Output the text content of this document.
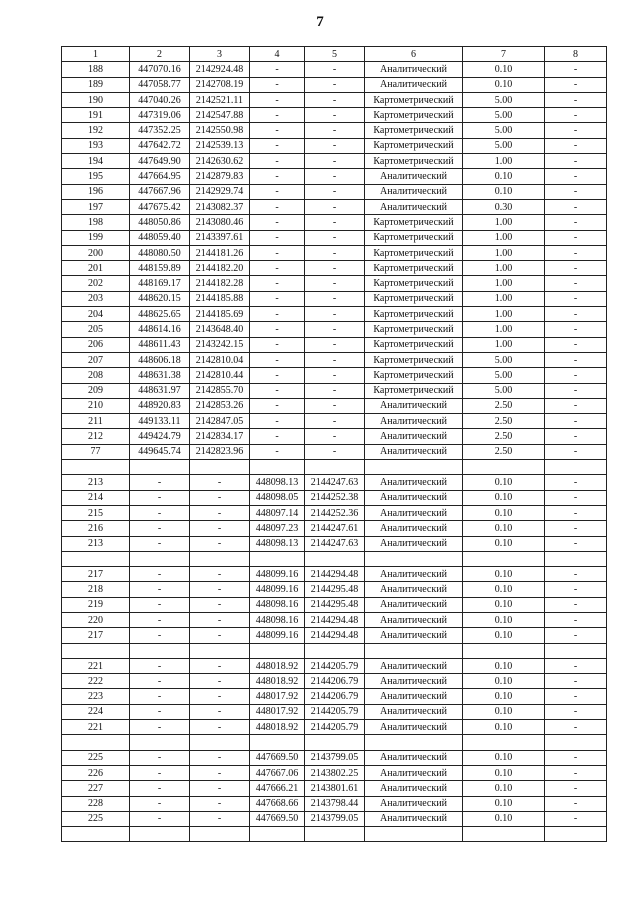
7
1	2	3	4	5	6	7	8
188	447070.16	2142924.48	-	-	Аналитический	0.10	-
189	447058.77	2142708.19	-	-	Аналитический	0.10	-
190	447040.26	2142521.11	-	-	Картометрический	5.00	-
191	447319.06	2142547.88	-	-	Картометрический	5.00	-
192	447352.25	2142550.98	-	-	Картометрический	5.00	-
193	447642.72	2142539.13	-	-	Картометрический	5.00	-
194	447649.90	2142630.62	-	-	Картометрический	1.00	-
195	447664.95	2142879.83	-	-	Аналитический	0.10	-
196	447667.96	2142929.74	-	-	Аналитический	0.10	-
197	447675.42	2143082.37	-	-	Аналитический	0.30	-
198	448050.86	2143080.46	-	-	Картометрический	1.00	-
199	448059.40	2143397.61	-	-	Картометрический	1.00	-
200	448080.50	2144181.26	-	-	Картометрический	1.00	-
201	448159.89	2144182.20	-	-	Картометрический	1.00	-
202	448169.17	2144182.28	-	-	Картометрический	1.00	-
203	448620.15	2144185.88	-	-	Картометрический	1.00	-
204	448625.65	2144185.69	-	-	Картометрический	1.00	-
205	448614.16	2143648.40	-	-	Картометрический	1.00	-
206	448611.43	2143242.15	-	-	Картометрический	1.00	-
207	448606.18	2142810.04	-	-	Картометрический	5.00	-
208	448631.38	2142810.44	-	-	Картометрический	5.00	-
209	448631.97	2142855.70	-	-	Картометрический	5.00	-
210	448920.83	2142853.26	-	-	Аналитический	2.50	-
211	449133.11	2142847.05	-	-	Аналитический	2.50	-
212	449424.79	2142834.17	-	-	Аналитический	2.50	-
77	449645.74	2142823.96	-	-	Аналитический	2.50	-

213	-	-	448098.13	2144247.63	Аналитический	0.10	-
214	-	-	448098.05	2144252.38	Аналитический	0.10	-
215	-	-	448097.14	2144252.36	Аналитический	0.10	-
216	-	-	448097.23	2144247.61	Аналитический	0.10	-
213	-	-	448098.13	2144247.63	Аналитический	0.10	-

217	-	-	448099.16	2144294.48	Аналитический	0.10	-
218	-	-	448099.16	2144295.48	Аналитический	0.10	-
219	-	-	448098.16	2144295.48	Аналитический	0.10	-
220	-	-	448098.16	2144294.48	Аналитический	0.10	-
217	-	-	448099.16	2144294.48	Аналитический	0.10	-

221	-	-	448018.92	2144205.79	Аналитический	0.10	-
222	-	-	448018.92	2144206.79	Аналитический	0.10	-
223	-	-	448017.92	2144206.79	Аналитический	0.10	-
224	-	-	448017.92	2144205.79	Аналитический	0.10	-
221	-	-	448018.92	2144205.79	Аналитический	0.10	-

225	-	-	447669.50	2143799.05	Аналитический	0.10	-
226	-	-	447667.06	2143802.25	Аналитический	0.10	-
227	-	-	447666.21	2143801.61	Аналитический	0.10	-
228	-	-	447668.66	2143798.44	Аналитический	0.10	-
225	-	-	447669.50	2143799.05	Аналитический	0.10	-
